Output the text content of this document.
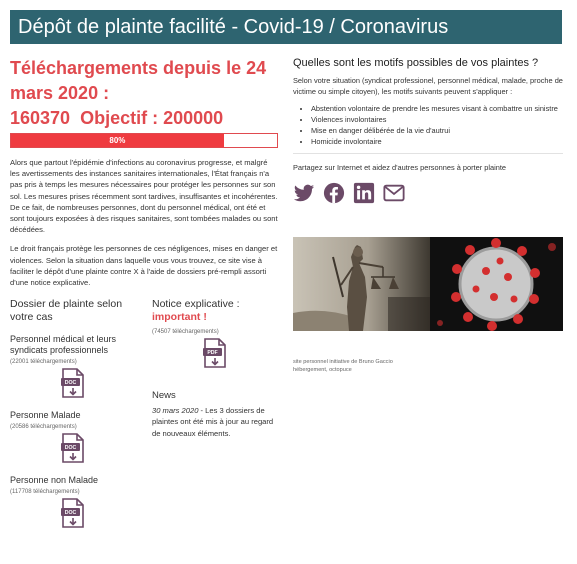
Dépôt de plainte facilité - Covid-19 / Coronavirus
Téléchargements depuis le 24 mars 2020 :
160370 Objectif : 200000
80%

Alors que partout l'épidémie d'infections au coronavirus progresse, et malgré les avertissements des instances sanitaires internationales, l'État français n'a pas pris à temps les mesures nécessaires pour protéger les personnes sur son sol. Les mesures prises récemment sont tardives, insuffisantes et incohérentes. De ce fait, de nombreuses personnes, dont du personnel médical, ont été et sont toujours exposées à des risques sanitaires, sont tombées malades ou sont décédées.

Le droit français protège les personnes de ces négligences, mises en danger et violences. Selon la situation dans laquelle vous vous trouvez, ce site vise à faciliter le dépôt d'une plainte contre X à l'aide de dossiers pré-rempli assorti d'une notice explicative.

Dossier de plainte selon votre cas
Personnel médical et leurs syndicats professionnels
(22001 téléchargements)
DOC
Personne Malade
(20586 téléchargements)
DOC
Personne non Malade
(117708 téléchargements)
DOC
Notice explicative :
important !
(74507 téléchargements)
PDF
News
30 mars 2020 - Les 3 dossiers de plaintes ont été mis à jour au regard de nouveaux éléments.
Quelles sont les motifs possibles de vos plaintes ?
Selon votre situation (syndicat professionel, personnel médical, malade, proche de victime ou simple citoyen), les motifs suivants peuvent s'appliquer :
• Abstention volontaire de prendre les mesures visant à combattre un sinistre
• Violences involontaires
• Mise en danger délibérée de la vie d'autrui
• Homicide involontaire
Partagez sur Internet et aidez d'autres personnes à porter plainte
site personnel initiative de Bruno Gaccio
hébergement, octopuce
